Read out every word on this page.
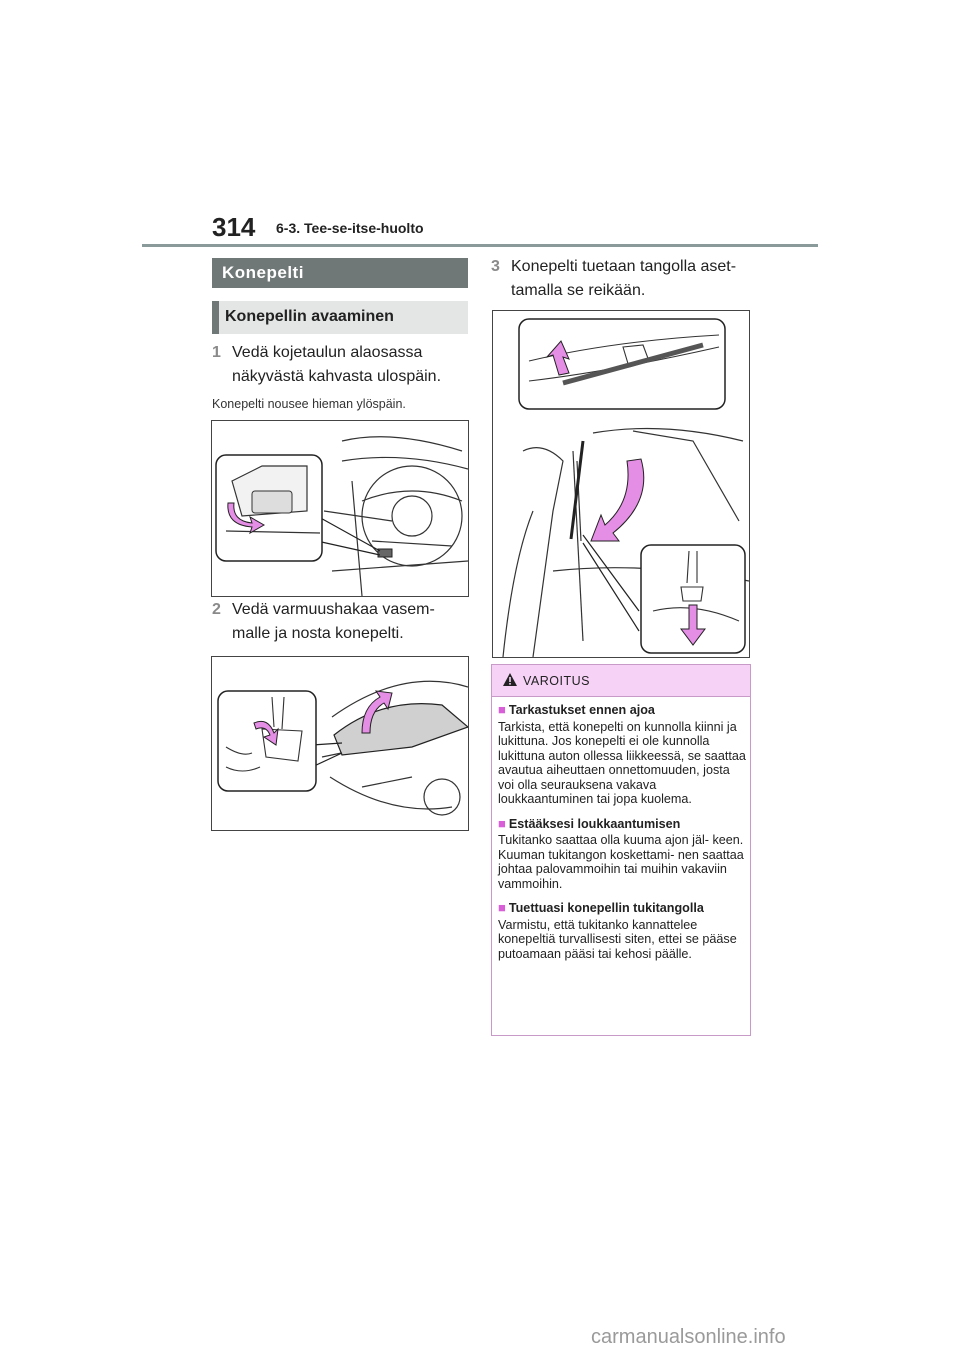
314 6-3. Tee-se-itse-huolto
Konepelti
Konepellin avaaminen
1 Vedä kojetaulun alaosassa näkyvästä kahvasta ulospäin.
Konepelti nousee hieman ylöspäin.
2 Vedä varmuushakaa vasem- malle ja nosta konepelti.
3 Konepelti tuetaan tangolla aset- tamalla se reikään.
VAROITUS
■ Tarkastukset ennen ajoa
Tarkista, että konepelti on kunnolla kiinni ja lukittuna. Jos konepelti ei ole kunnolla lukittuna auton ollessa liikkeessä, se saattaa avautua aiheuttaen onnettomuuden, josta voi olla seurauksena vakava loukkaantuminen tai jopa kuolema.
■ Estääksesi loukkaantumisen
Tukitanko saattaa olla kuuma ajon jäl- keen. Kuuman tukitangon koskettami- nen saattaa johtaa palovammoihin tai muihin vakaviin vammoihin.
■ Tuettuasi konepellin tukitangolla
Varmistu, että tukitanko kannattelee konepeltiä turvallisesti siten, ettei se pääse putoamaan pääsi tai kehosi päälle.
carmanualsonline.info
